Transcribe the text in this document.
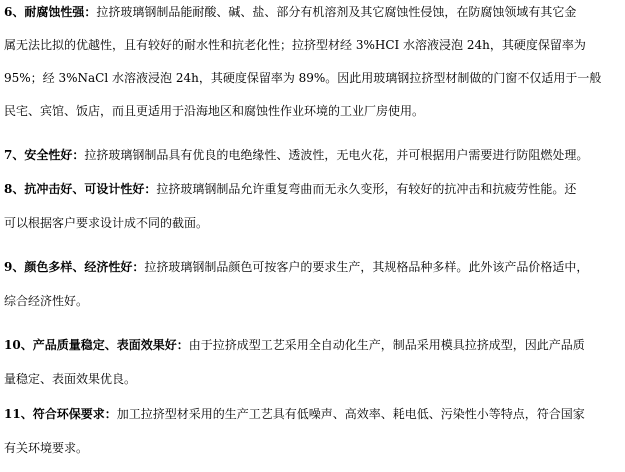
6、耐腐蚀性强：拉挤玻璃钢制品能耐酸、碱、盐、部分有机溶剂及其它腐蚀性侵蚀，在防腐蚀领域有其它金
属无法比拟的优越性，且有较好的耐水性和抗老化性；拉挤型材经 3%HCI 水溶液浸泡 24h，其硬度保留率为
95%；经 3%NaCl 水溶液浸泡 24h，其硬度保留率为 89%。因此用玻璃钢拉挤型材制做的门窗不仅适用于一般
民宅、宾馆、饭店，而且更适用于沿海地区和腐蚀性作业环境的工业厂房使用。
7、安全性好：拉挤玻璃钢制品具有优良的电绝缘性、透波性，无电火花，并可根据用户需要进行防阻燃处理。
8、抗冲击好、可设计性好：拉挤玻璃钢制品允许重复弯曲而无永久变形，有较好的抗冲击和抗疲劳性能。还
可以根据客户要求设计成不同的截面。
9、颜色多样、经济性好：拉挤玻璃钢制品颜色可按客户的要求生产，其规格品种多样。此外该产品价格适中，
综合经济性好。
10、产品质量稳定、表面效果好：由于拉挤成型工艺采用全自动化生产，制品采用模具拉挤成型，因此产品质
量稳定、表面效果优良。
11、符合环保要求：加工拉挤型材采用的生产工艺具有低噪声、高效率、耗电低、污染性小等特点，符合国家
有关环境要求。
